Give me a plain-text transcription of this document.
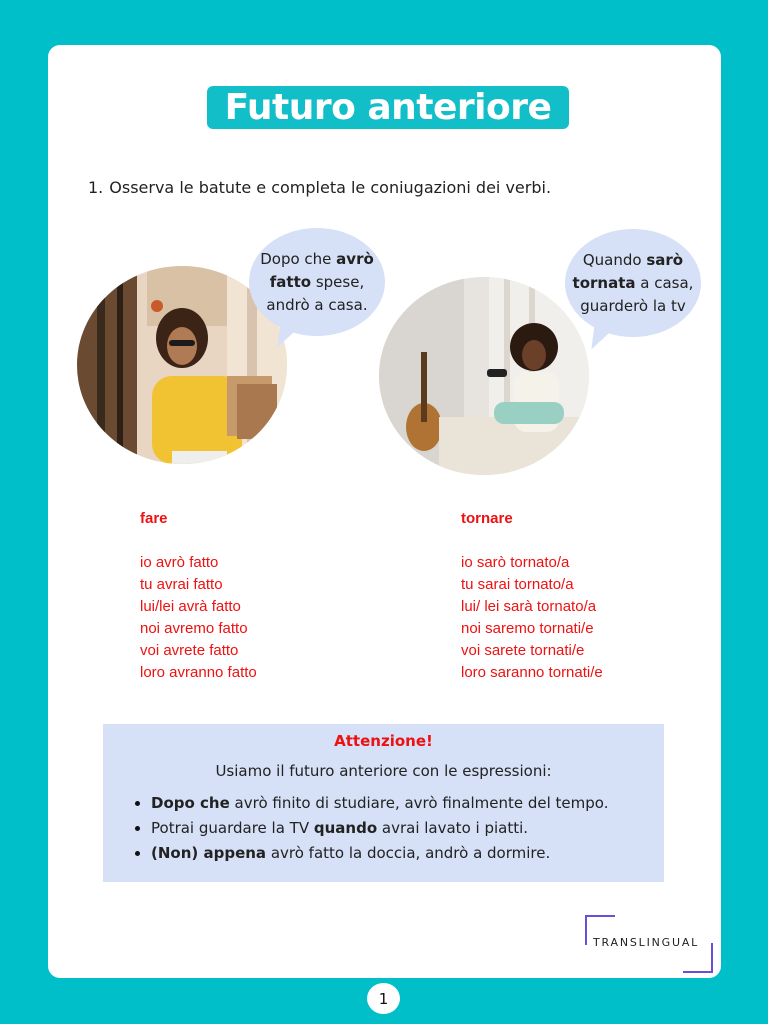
Futuro anteriore
1. Osserva le batute e completa le coniugazioni dei verbi.
Dopo che avrò
fatto spese,
andrò a casa.
Quando sarò
tornata a casa,
guarderò la tv
fare
io avrò fatto
tu avrai fatto
lui/lei avrà fatto
noi avremo fatto
voi avrete fatto
loro avranno fatto
tornare
io sarò tornato/a
tu sarai tornato/a
lui/ lei sarà tornato/a
noi saremo tornati/e
voi sarete tornati/e
loro saranno tornati/e
Attenzione!
Usiamo il futuro anteriore con le espressioni:
Dopo che avrò finito di studiare, avrò finalmente del tempo.
Potrai guardare la TV quando avrai lavato i piatti.
(Non) appena avrò fatto la doccia, andrò a dormire.
TRANSLINGUAL
1
